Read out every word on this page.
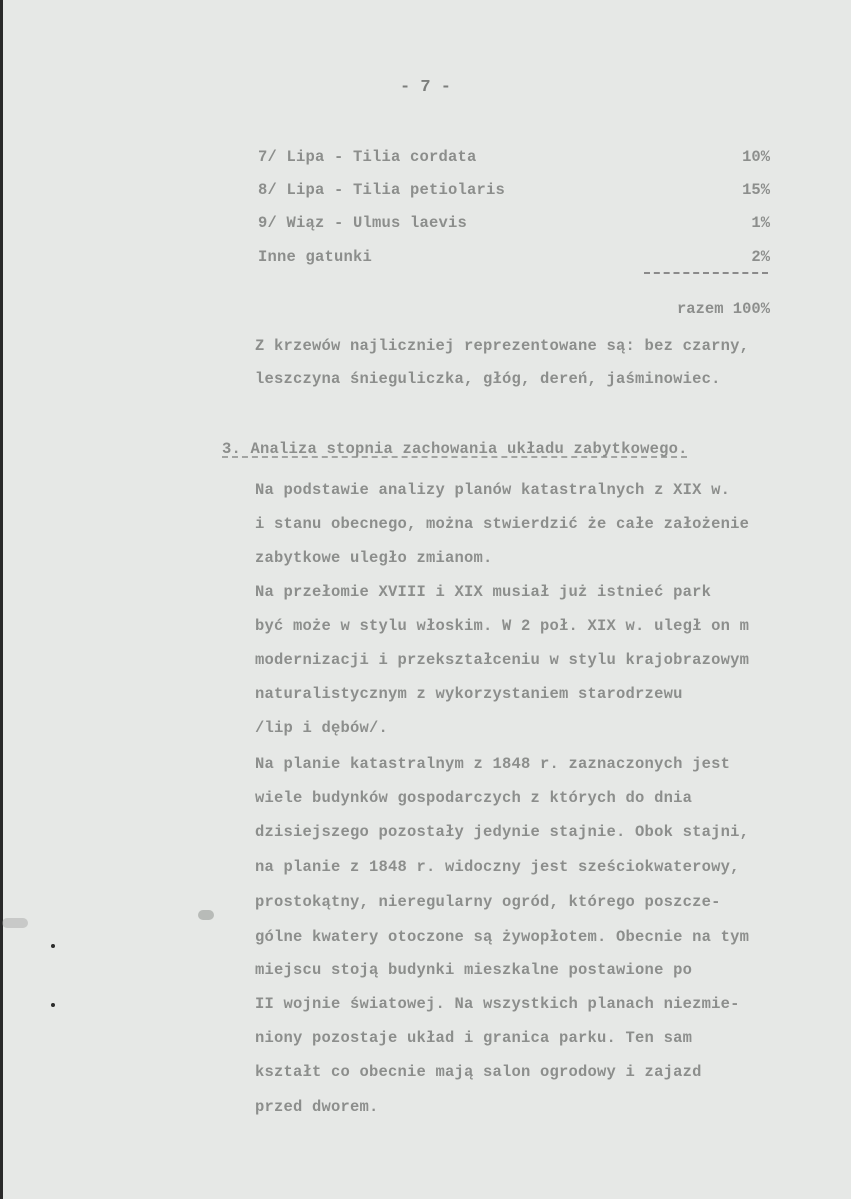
- 7 -
7/ Lipa - Tilia cordata	10%
8/ Lipa - Tilia petiolaris	15%
9/ Wiąz - Ulmus laevis	1%
Inne gatunki	2%
razem 100%
Z krzewów najliczniej reprezentowane są: bez czarny,
leszczyna śnieguliczka, głóg, dereń, jaśminowiec.
3. Analiza stopnia zachowania układu zabytkowego.
Na podstawie analizy planów katastralnych z XIX w.
i stanu obecnego, można stwierdzić że całe założenie
zabytkowe uległo zmianom.
Na przełomie XVIII i XIX musiał już istnieć park
być może w stylu włoskim. W 2 poł. XIX w. uległ on m
modernizacji i przekształceniu w stylu krajobrazowym
naturalistycznym z wykorzystaniem starodrzewu
/lip i dębów/.
Na planie katastralnym z 1848 r. zaznaczonych jest
wiele budynków gospodarczych z których do dnia
dzisiejszego pozostały jedynie stajnie. Obok stajni,
na planie z 1848 r. widoczny jest sześciokwaterowy,
prostokątny, nieregularny ogród, którego poszcze-
gólne kwatery otoczone są żywopłotem. Obecnie na tym
miejscu stoją budynki mieszkalne postawione po
II wojnie światowej. Na wszystkich planach niezmie-
niony pozostaje układ i granica parku. Ten sam
kształt co obecnie mają salon ogrodowy i zajazd
przed dworem.
